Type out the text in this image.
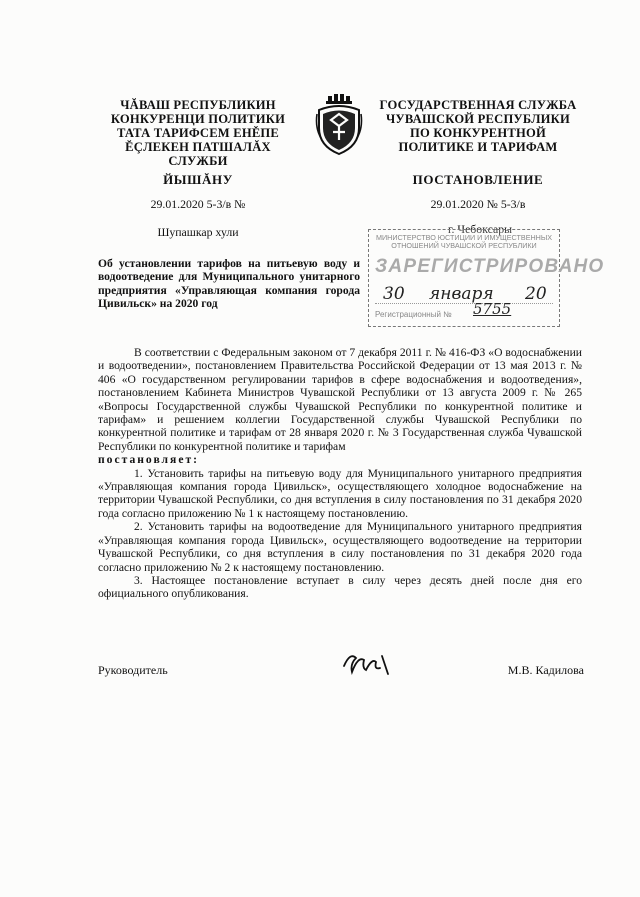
ЧĂВАШ РЕСПУБЛИКИН
КОНКУРЕНЦИ ПОЛИТИКИ
ТАТА ТАРИФСЕМ ЕНĚПЕ
ĔÇЛЕКЕН ПАТШАЛĂХ СЛУЖБИ
ЙЫШĂНУ
29.01.2020 5-3/в №
Шупашкар хули
ГОСУДАРСТВЕННАЯ СЛУЖБА
ЧУВАШСКОЙ РЕСПУБЛИКИ
ПО КОНКУРЕНТНОЙ
ПОЛИТИКЕ И ТАРИФАМ
ПОСТАНОВЛЕНИЕ
29.01.2020 № 5-3/в
г. Чебоксары
МИНИСТЕРСТВО ЮСТИЦИИ И ИМУЩЕСТВЕННЫХ
ОТНОШЕНИЙ ЧУВАШСКОЙ РЕСПУБЛИКИ
ЗАРЕГИСТРИРОВАНО
30 января 20
Регистрационный № 5755
Об установлении тарифов на питьевую воду и водоотведение для Муниципального унитарного предприятия «Управляющая компания города Цивильск» на 2020 год

В соответствии с Федеральным законом от 7 декабря 2011 г. № 416-ФЗ «О водоснабжении и водоотведении», постановлением Правительства Российской Федерации от 13 мая 2013 г. № 406 «О государственном регулировании тарифов в сфере водоснабжения и водоотведения», постановлением Кабинета Министров Чувашской Республики от 13 августа 2009 г. № 265 «Вопросы Государственной службы Чувашской Республики по конкурентной политике и тарифам» и решением коллегии Государственной службы Чувашской Республики по конкурентной политике и тарифам от 28 января 2020 г. № 3 Государственная служба Чувашской Республики по конкурентной политике и тарифам

постановляет:

1. Установить тарифы на питьевую воду для Муниципального унитарного предприятия «Управляющая компания города Цивильск», осуществляющего холодное водоснабжение на территории Чувашской Республики, со дня вступления в силу постановления по 31 декабря 2020 года согласно приложению № 1 к настоящему постановлению.

2. Установить тарифы на водоотведение для Муниципального унитарного предприятия «Управляющая компания города Цивильск», осуществляющего водоотведение на территории Чувашской Республики, со дня вступления в силу постановления по 31 декабря 2020 года согласно приложению № 2 к настоящему постановлению.

3. Настоящее постановление вступает в силу через десять дней после дня его официального опубликования.

Руководитель	М.В. Кадилова
